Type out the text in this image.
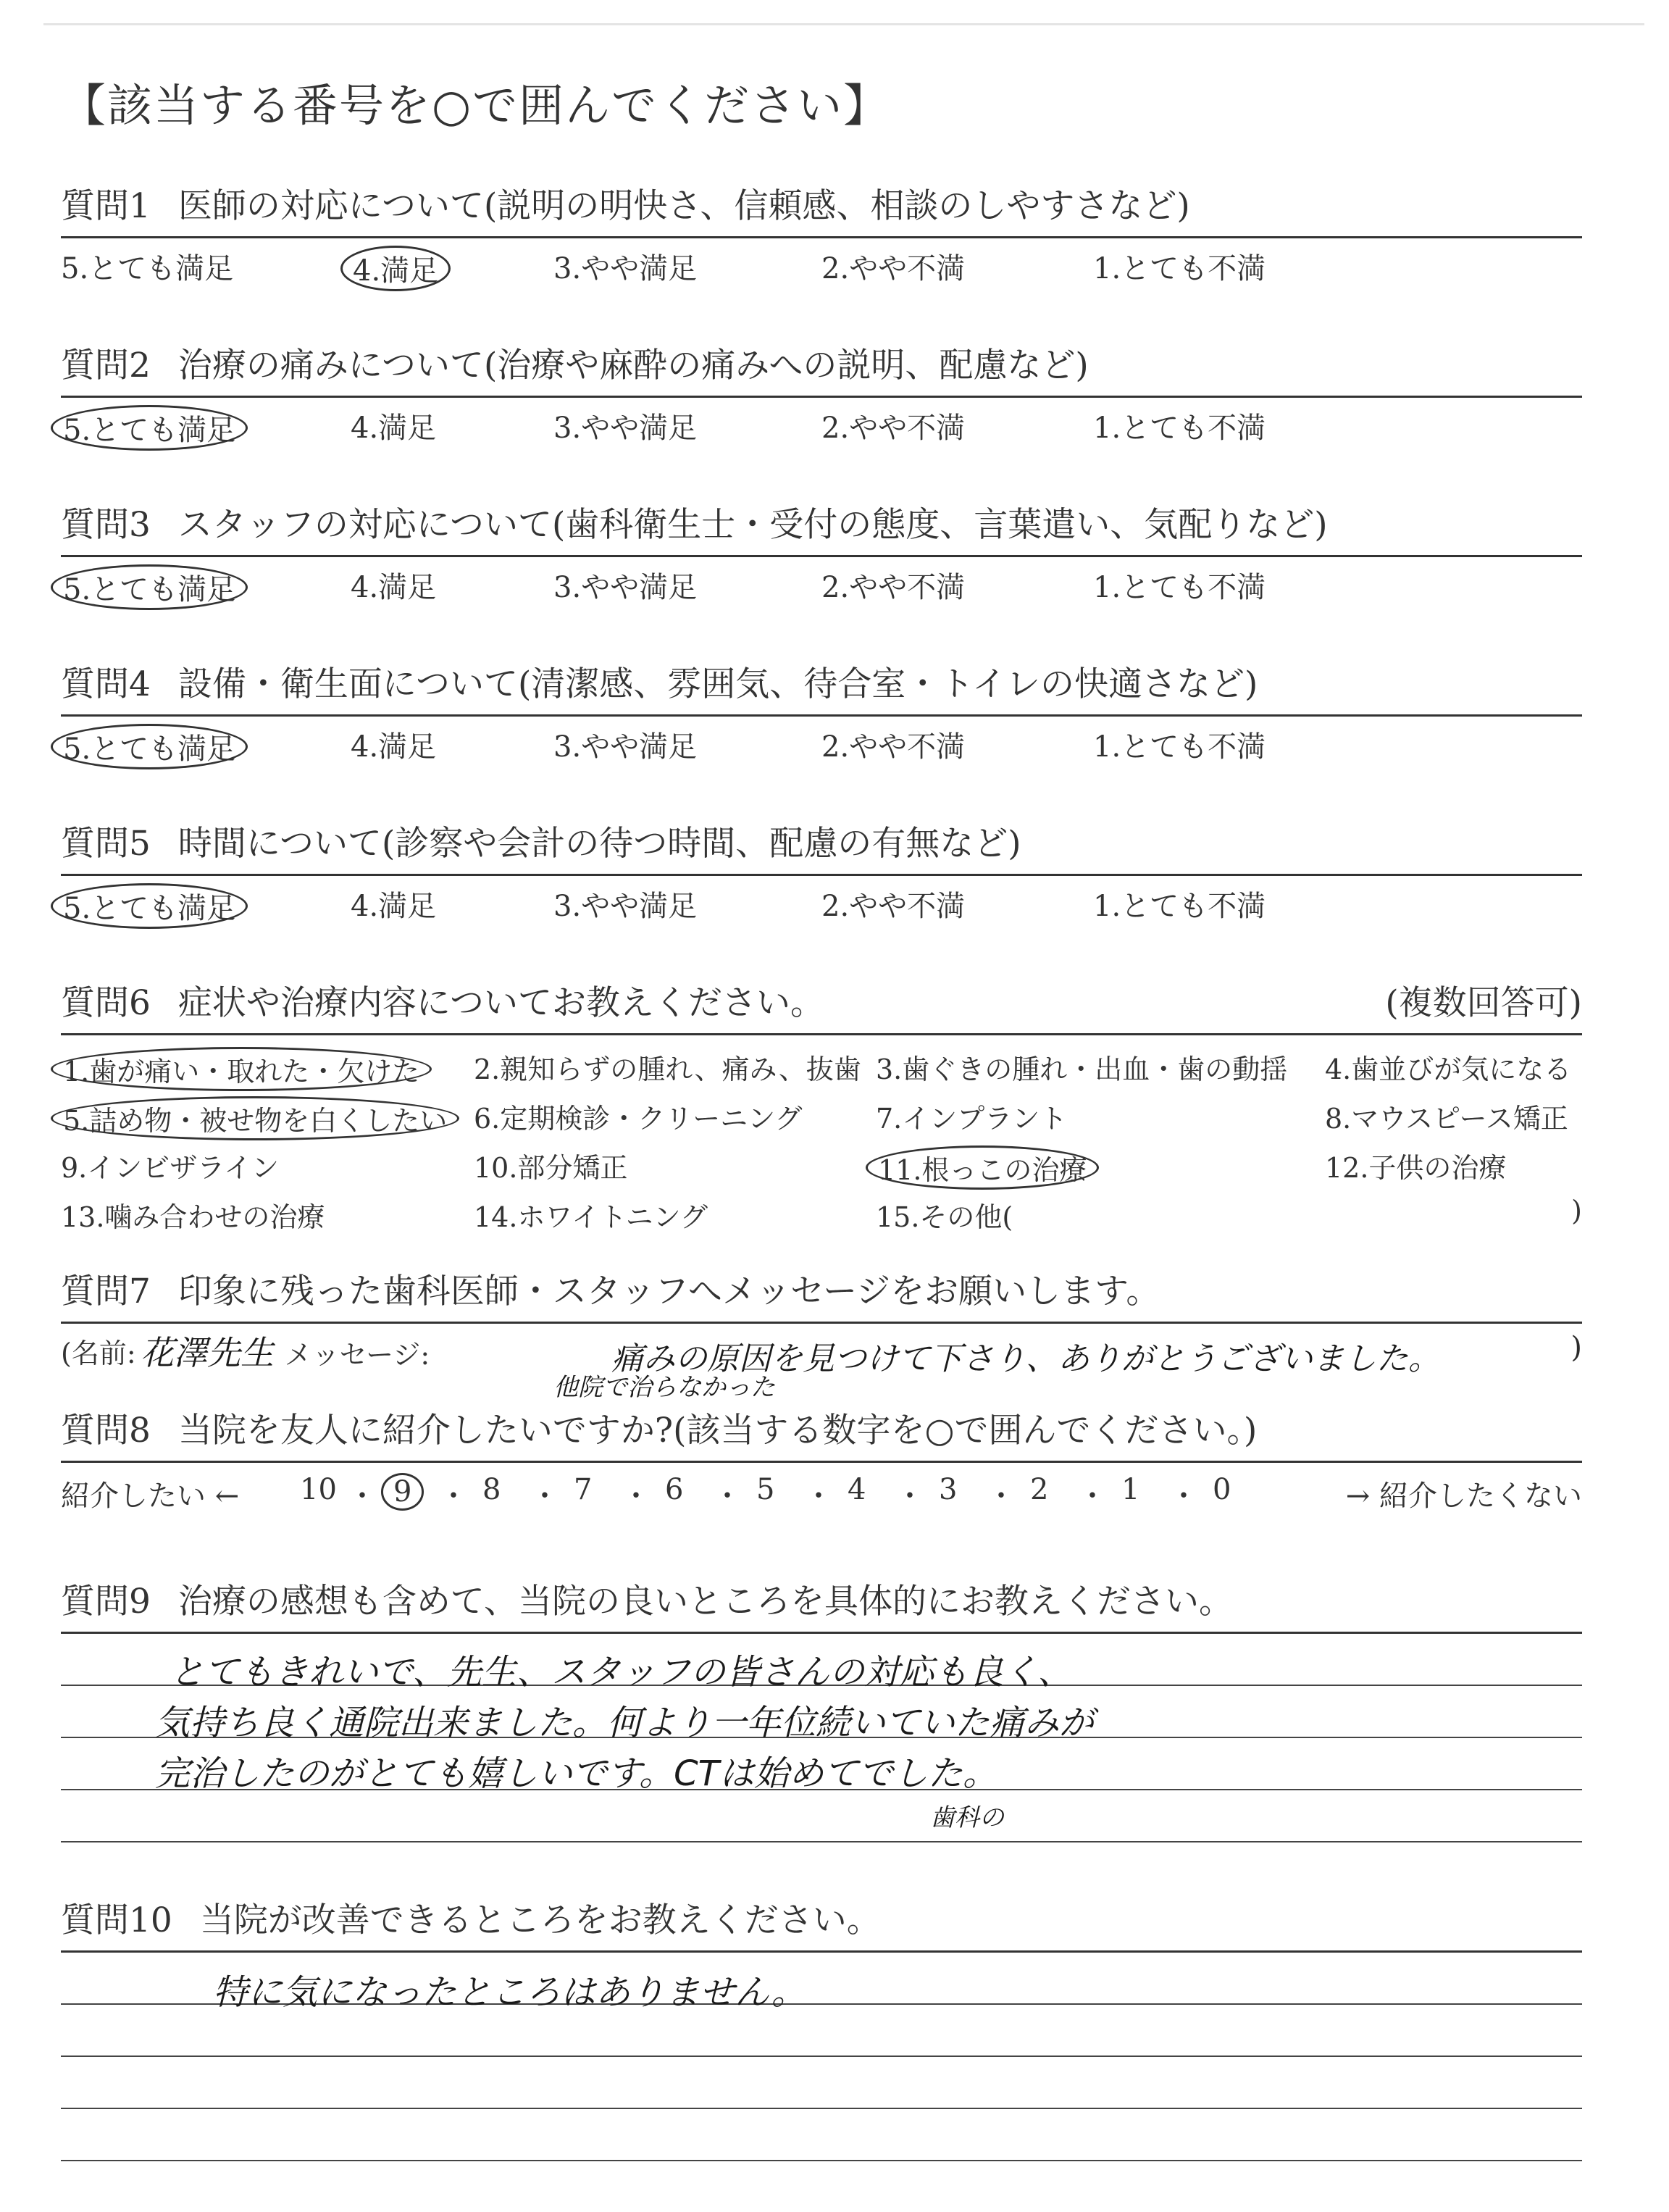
【該当する番号を○で囲んでください】
質問1 医師の対応について(説明の明快さ、信頼感、相談のしやすさなど)
5.とても満足	4.満足	3.やや満足	2.やや不満	1.とても不満
質問2 治療の痛みについて(治療や麻酔の痛みへの説明、配慮など)
5.とても満足	4.満足	3.やや満足	2.やや不満	1.とても不満
質問3 スタッフの対応について(歯科衛生士・受付の態度、言葉遣い、気配りなど)
5.とても満足	4.満足	3.やや満足	2.やや不満	1.とても不満
質問4 設備・衛生面について(清潔感、雰囲気、待合室・トイレの快適さなど)
5.とても満足	4.満足	3.やや満足	2.やや不満	1.とても不満
質問5 時間について(診察や会計の待つ時間、配慮の有無など)
5.とても満足	4.満足	3.やや満足	2.やや不満	1.とても不満
質問6 症状や治療内容についてお教えください。	(複数回答可)
1.歯が痛い・取れた・欠けた	2.親知らずの腫れ、痛み、抜歯 3.歯ぐきの腫れ・出血・歯の動揺 4.歯並びが気になる
5.詰め物・被せ物を白くしたい 6.定期検診・クリーニング	7.インプラント	8.マウスピース矯正
9.インビザライン	10.部分矯正	11.根っこの治療	12.子供の治療
13.噛み合わせの治療	14.ホワイトニング	15.その他(	)
質問7 印象に残った歯科医師・スタッフへメッセージをお願いします。
(名前: 花澤先生 メッセージ:	痛みの原因を見つけて下さり、ありがとうございました。
他院で治らなかった
)
質問8 当院を友人に紹介したいですか?(該当する数字を○で囲んでください。)
紹介したい ←	→ 紹介したくない
10 ・ 9 ・ 8 ・ 7 ・ 6 ・ 5 ・ 4 ・ 3 ・ 2 ・ 1 ・ 0
質問9 治療の感想も含めて、当院の良いところを具体的にお教えください。
とてもきれいで、先生、スタッフの皆さんの対応も良く、
気持ち良く通院出来ました。何より一年位続いていた痛みが
完治したのがとても嬉しいです。CTは始めてでした。
歯科の
質問10 当院が改善できるところをお教えください。
特に気になったところはありません。
